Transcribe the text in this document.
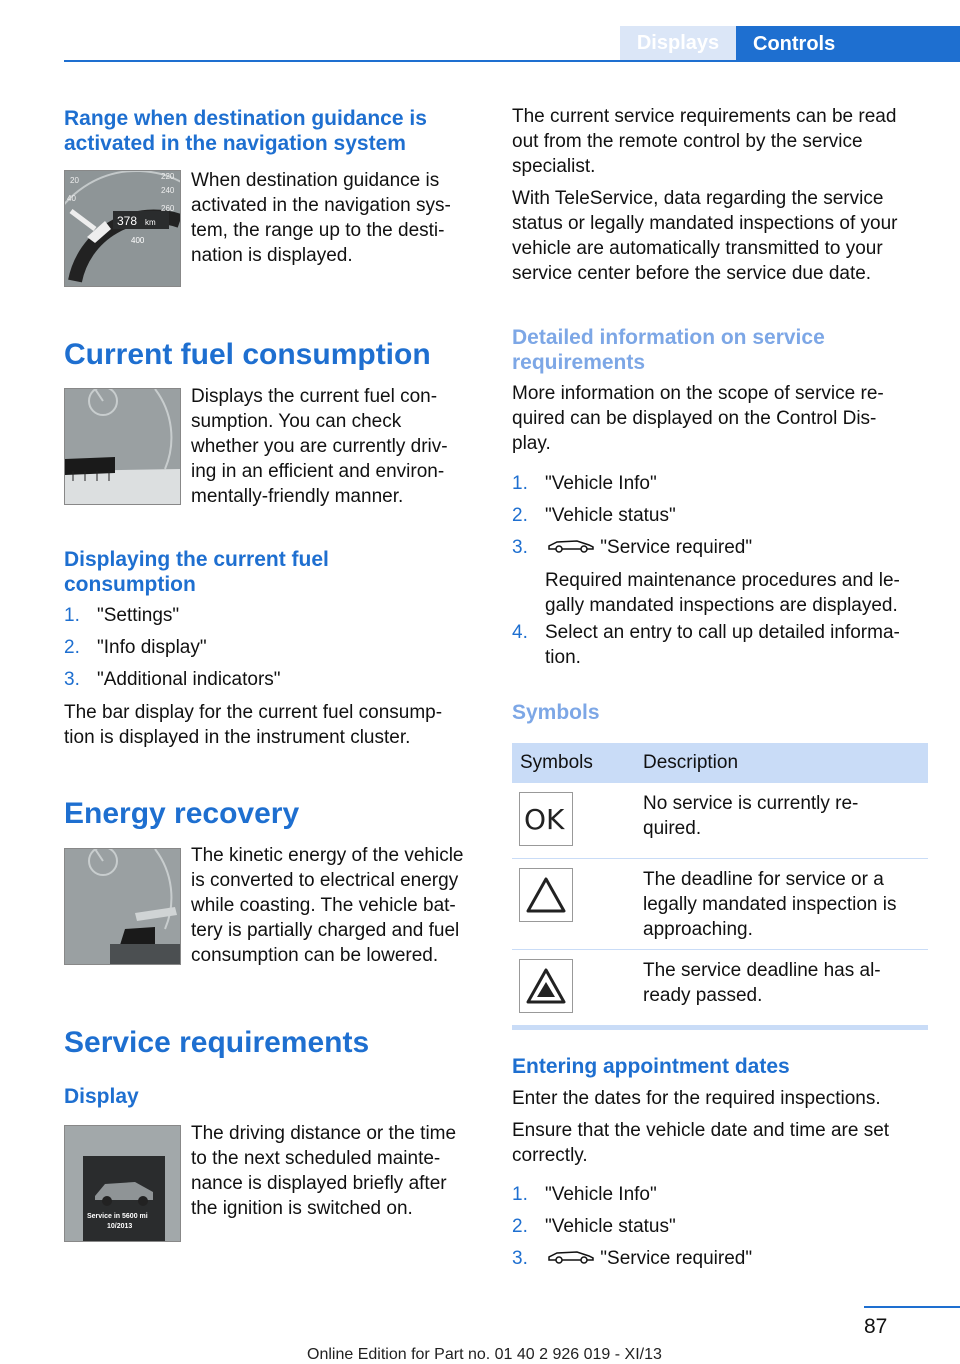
Displays	Controls
Range when destination guidance is activated in the navigation system
378 km
400
20
40
220
240
260
When destination guidance is
activated in the navigation sys-
tem, the range up to the desti-
nation is displayed.
Current fuel consumption
Displays the current fuel con-
sumption. You can check
whether you are currently driv-
ing in an efficient and environ-
mentally-friendly manner.
Displaying the current fuel consumption
1. "Settings"
2. "Info display"
3. "Additional indicators"
The bar display for the current fuel consump-
tion is displayed in the instrument cluster.
Energy recovery
The kinetic energy of the vehicle
is converted to electrical energy
while coasting. The vehicle bat-
tery is partially charged and fuel
consumption can be lowered.
Service requirements
Display
Service in 5600 mi
10/2013
The driving distance or the time
to the next scheduled mainte-
nance is displayed briefly after
the ignition is switched on.
The current service requirements can be read
out from the remote control by the service
specialist.
With TeleService, data regarding the service
status or legally mandated inspections of your
vehicle are automatically transmitted to your
service center before the service due date.
Detailed information on service requirements
More information on the scope of service re-
quired can be displayed on the Control Dis-
play.
1. "Vehicle Info"
2. "Vehicle status"
3.	"Service required"
Required maintenance procedures and le-
gally mandated inspections are displayed.
4. Select an entry to call up detailed informa-
tion.
Symbols
Symbols	Description
OK	No service is currently re-
quired.
The deadline for service or a
legally mandated inspection is
approaching.
The service deadline has al-
ready passed.
Entering appointment dates
Enter the dates for the required inspections.
Ensure that the vehicle date and time are set
correctly.
1. "Vehicle Info"
2. "Vehicle status"
3.	"Service required"
87
Online Edition for Part no. 01 40 2 926 019 - XI/13
